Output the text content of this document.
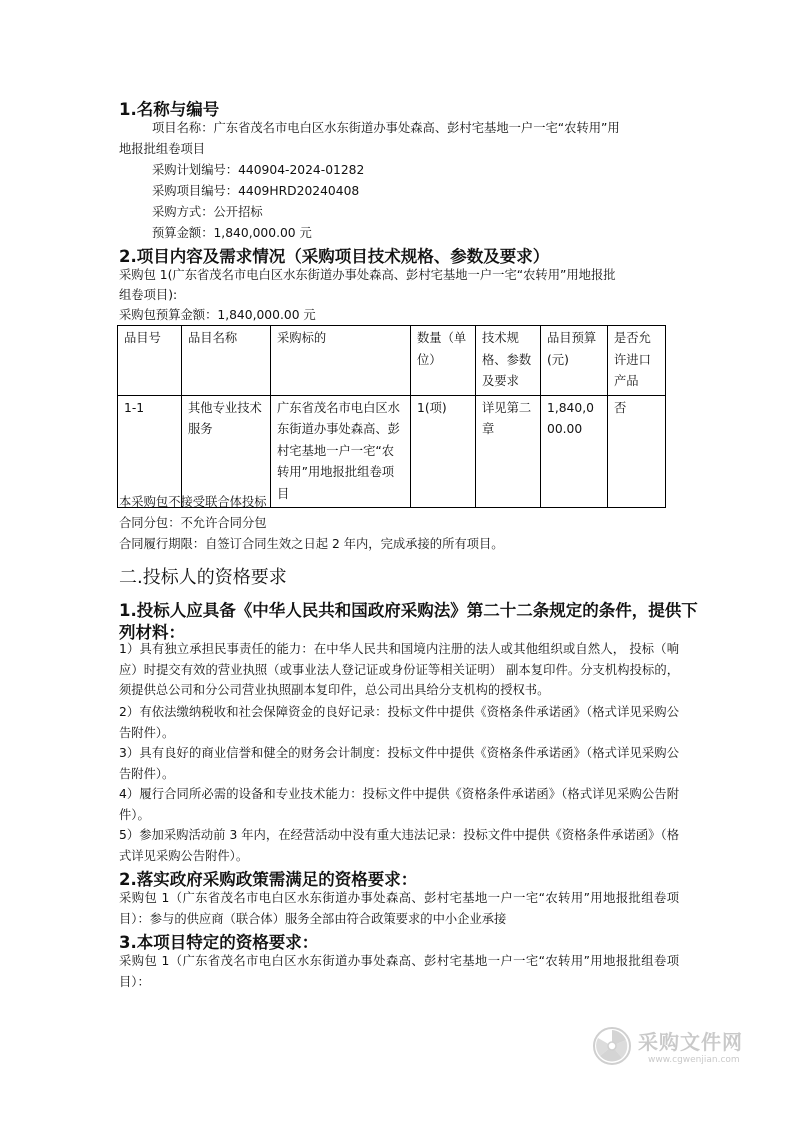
1.名称与编号
项目名称：广东省茂名市电白区水东街道办事处森高、彭村宅基地一户一宅“农转用”用
地报批组卷项目
采购计划编号：440904-2024-01282
采购项目编号：4409HRD20240408
采购方式：公开招标
预算金额：1,840,000.00 元
2.项目内容及需求情况（采购项目技术规格、参数及要求）
采购包 1(广东省茂名市电白区水东街道办事处森高、彭村宅基地一户一宅“农转用”用地报批
组卷项目):
采购包预算金额：1,840,000.00 元
品目号	品目名称	采购标的	数量（单位）	技术规格、参数及要求	品目预算(元)	是否允许进口产品
1-1	其他专业技术服务	广东省茂名市电白区水东街道办事处森高、彭村宅基地一户一宅“农转用”用地报批组卷项目	1(项)	详见第二章	1,840,000.00	否
本采购包不接受联合体投标
合同分包：不允许合同分包
合同履行期限：自签订合同生效之日起 2 年内，完成承接的所有项目。
二.投标人的资格要求
1.投标人应具备《中华人民共和国政府采购法》第二十二条规定的条件，提供下
列材料：
1）具有独立承担民事责任的能力：在中华人民共和国境内注册的法人或其他组织或自然人， 投标（响应）时提交有效的营业执照（或事业法人登记证或身份证等相关证明） 副本复印件。分支机构投标的，须提供总公司和分公司营业执照副本复印件，总公司出具给分支机构的授权书。
2）有依法缴纳税收和社会保障资金的良好记录：投标文件中提供《资格条件承诺函》（格式详见采购公告附件）。
3）具有良好的商业信誉和健全的财务会计制度：投标文件中提供《资格条件承诺函》（格式详见采购公告附件）。
4）履行合同所必需的设备和专业技术能力：投标文件中提供《资格条件承诺函》（格式详见采购公告附件）。
5）参加采购活动前 3 年内，在经营活动中没有重大违法记录：投标文件中提供《资格条件承诺函》（格式详见采购公告附件）。
2.落实政府采购政策需满足的资格要求：
采购包 1（广东省茂名市电白区水东街道办事处森高、彭村宅基地一户一宅“农转用”用地报批组卷项目）：参与的供应商（联合体）服务全部由符合政策要求的中小企业承接
3.本项目特定的资格要求：
采购包 1（广东省茂名市电白区水东街道办事处森高、彭村宅基地一户一宅“农转用”用地报批组卷项目）：
采购文件网
www.cgwenjian.com
